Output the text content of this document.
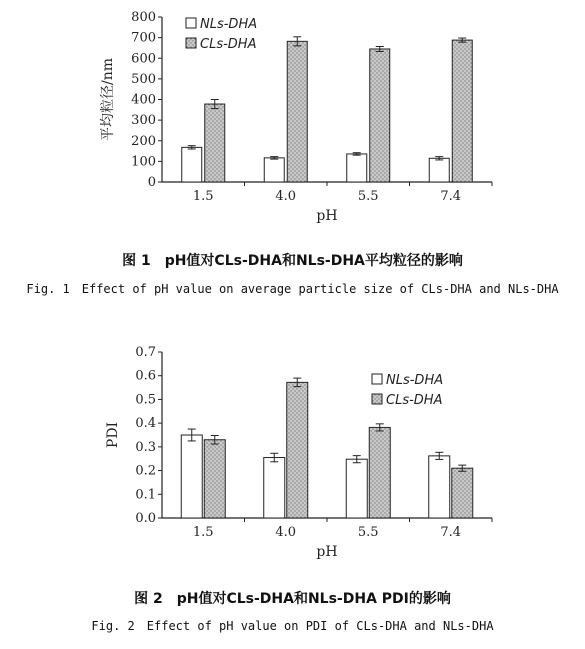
0
100
200
300
400
500
600
700
800
平均粒径/nm
1.5	4.0	5.5	7.4
pH
NLs-DHA
CLs-DHA
0.0
0.1
0.2
0.3
0.4
0.5
0.6
0.7
PDI
1.5	4.0	5.5	7.4
pH
NLs-DHA
CLs-DHA
图 1　pH值对CLs-DHA和NLs-DHA平均粒径的影响
Fig. 1　Effect of pH value on average particle size of CLs-DHA and NLs-DHA
图 2　pH值对CLs-DHA和NLs-DHA PDI的影响
Fig. 2　Effect of pH value on PDI of CLs-DHA and NLs-DHA
